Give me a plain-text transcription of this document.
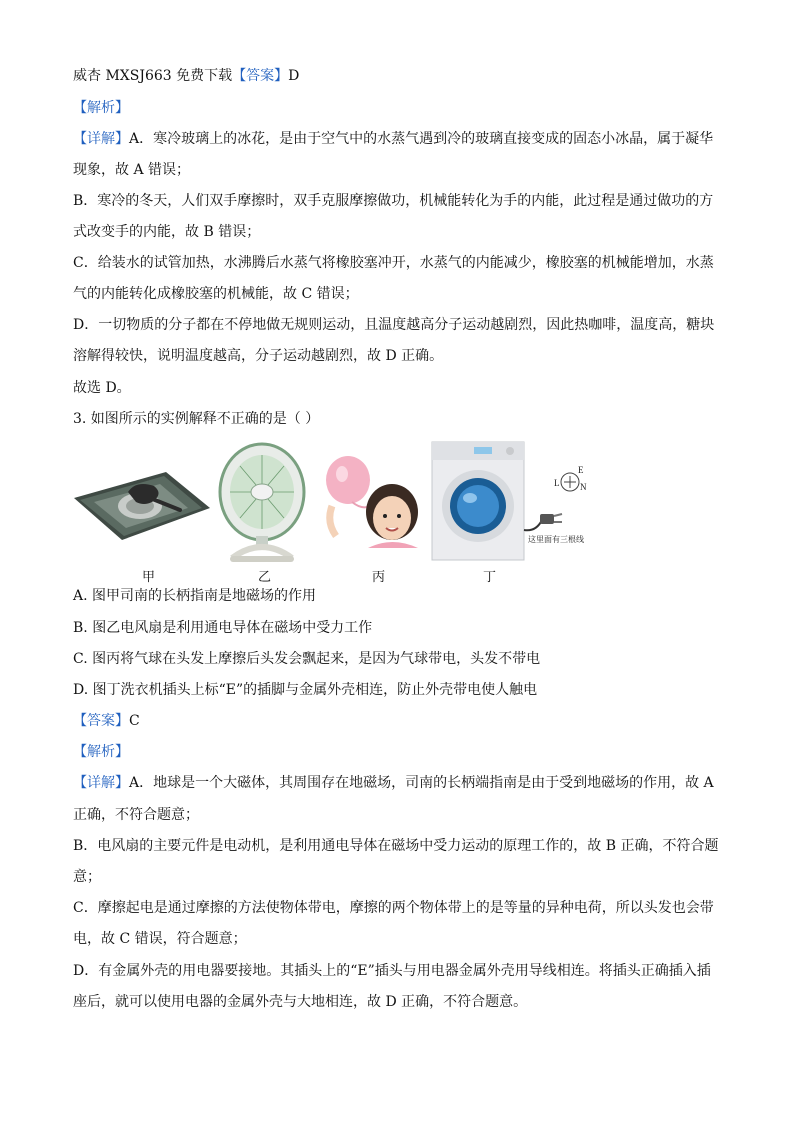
威杏 MXSJ663 免费下载【答案】D
【解析】
【详解】A．寒冷玻璃上的冰花，是由于空气中的水蒸气遇到冷的玻璃直接变成的固态小冰晶，属于凝华
现象，故 A 错误；
B．寒冷的冬天，人们双手摩擦时，双手克服摩擦做功，机械能转化为手的内能，此过程是通过做功的方
式改变手的内能，故 B 错误；
C．给装水的试管加热，水沸腾后水蒸气将橡胶塞冲开，水蒸气的内能减少，橡胶塞的机械能增加，水蒸
气的内能转化成橡胶塞的机械能，故 C 错误；
D．一切物质的分子都在不停地做无规则运动，且温度越高分子运动越剧烈，因此热咖啡，温度高，糖块
溶解得较快，说明温度越高，分子运动越剧烈，故 D 正确。
故选 D。
3. 如图所示的实例解释不正确的是（ ）
L
E
N
这里面有三根线
甲	乙	丙	丁
A. 图甲司南的长柄指南是地磁场的作用
B. 图乙电风扇是利用通电导体在磁场中受力工作
C. 图丙将气球在头发上摩擦后头发会飘起来，是因为气球带电，头发不带电
D. 图丁洗衣机插头上标“E”的插脚与金属外壳相连，防止外壳带电使人触电
【答案】C
【解析】
【详解】A．地球是一个大磁体，其周围存在地磁场，司南的长柄端指南是由于受到地磁场的作用，故 A
正确，不符合题意；
B．电风扇的主要元件是电动机，是利用通电导体在磁场中受力运动的原理工作的，故 B 正确，不符合题
意；
C．摩擦起电是通过摩擦的方法使物体带电，摩擦的两个物体带上的是等量的异种电荷，所以头发也会带
电，故 C 错误，符合题意；
D．有金属外壳的用电器要接地。其插头上的“E”插头与用电器金属外壳用导线相连。将插头正确插入插
座后，就可以使用电器的金属外壳与大地相连，故 D 正确，不符合题意。
